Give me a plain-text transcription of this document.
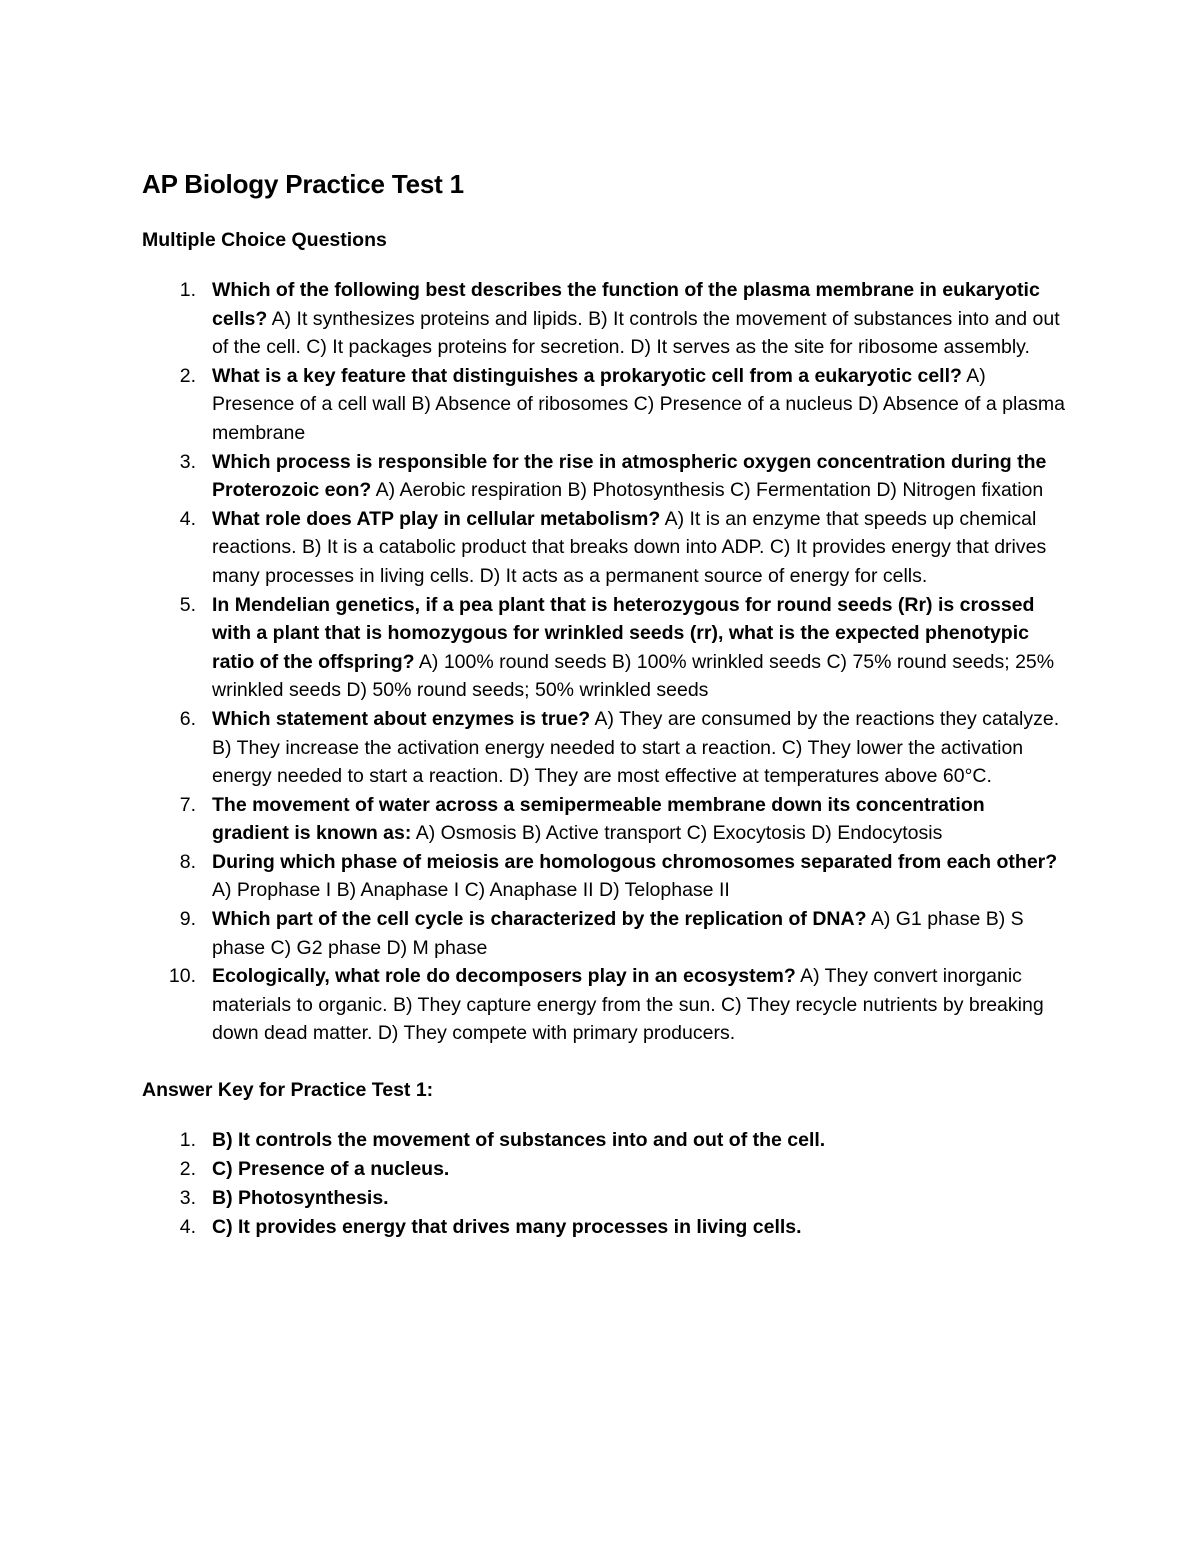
AP Biology Practice Test 1
Multiple Choice Questions
1. Which of the following best describes the function of the plasma membrane in eukaryotic cells? A) It synthesizes proteins and lipids. B) It controls the movement of substances into and out of the cell. C) It packages proteins for secretion. D) It serves as the site for ribosome assembly.
2. What is a key feature that distinguishes a prokaryotic cell from a eukaryotic cell? A) Presence of a cell wall B) Absence of ribosomes C) Presence of a nucleus D) Absence of a plasma membrane
3. Which process is responsible for the rise in atmospheric oxygen concentration during the Proterozoic eon? A) Aerobic respiration B) Photosynthesis C) Fermentation D) Nitrogen fixation
4. What role does ATP play in cellular metabolism? A) It is an enzyme that speeds up chemical reactions. B) It is a catabolic product that breaks down into ADP. C) It provides energy that drives many processes in living cells. D) It acts as a permanent source of energy for cells.
5. In Mendelian genetics, if a pea plant that is heterozygous for round seeds (Rr) is crossed with a plant that is homozygous for wrinkled seeds (rr), what is the expected phenotypic ratio of the offspring? A) 100% round seeds B) 100% wrinkled seeds C) 75% round seeds; 25% wrinkled seeds D) 50% round seeds; 50% wrinkled seeds
6. Which statement about enzymes is true? A) They are consumed by the reactions they catalyze. B) They increase the activation energy needed to start a reaction. C) They lower the activation energy needed to start a reaction. D) They are most effective at temperatures above 60°C.
7. The movement of water across a semipermeable membrane down its concentration gradient is known as: A) Osmosis B) Active transport C) Exocytosis D) Endocytosis
8. During which phase of meiosis are homologous chromosomes separated from each other? A) Prophase I B) Anaphase I C) Anaphase II D) Telophase II
9. Which part of the cell cycle is characterized by the replication of DNA? A) G1 phase B) S phase C) G2 phase D) M phase
10. Ecologically, what role do decomposers play in an ecosystem? A) They convert inorganic materials to organic. B) They capture energy from the sun. C) They recycle nutrients by breaking down dead matter. D) They compete with primary producers.
Answer Key for Practice Test 1:
1. B) It controls the movement of substances into and out of the cell.
2. C) Presence of a nucleus.
3. B) Photosynthesis.
4. C) It provides energy that drives many processes in living cells.
